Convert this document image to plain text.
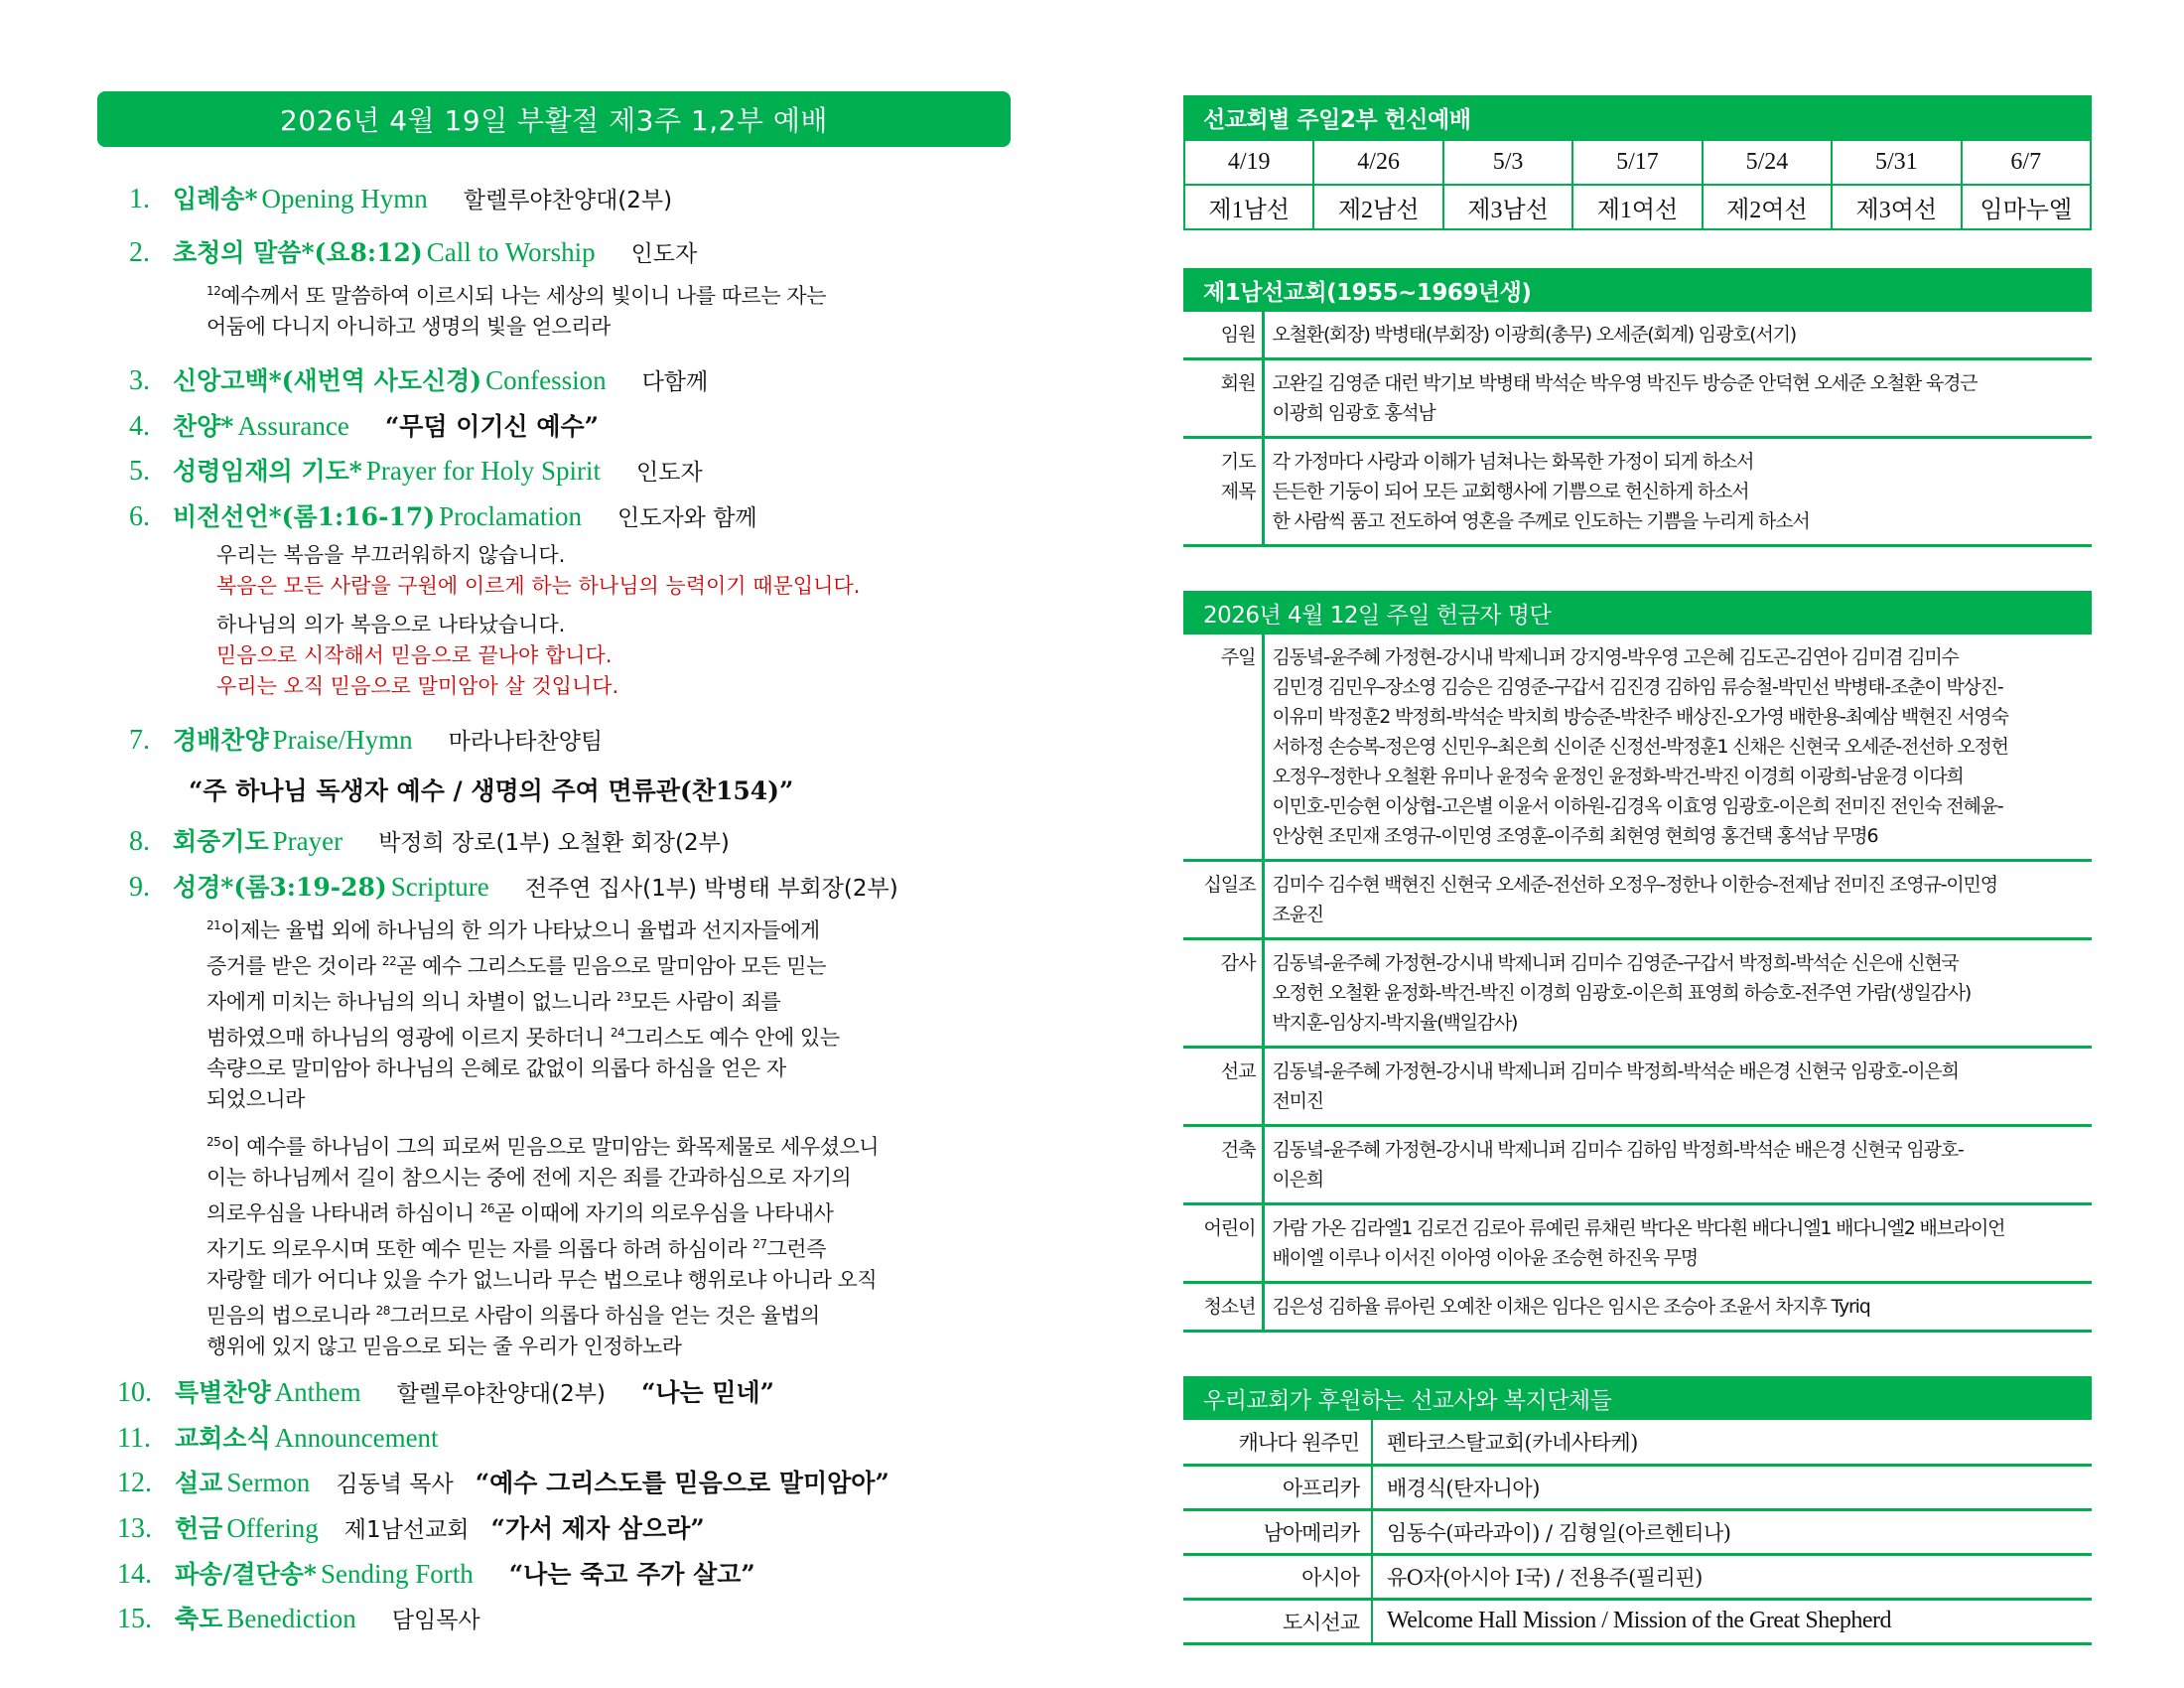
2026년 4월 19일 부활절 제3주 1,2부 예배
1. 입례송* Opening Hymn 할렐루야찬양대(2부)
2. 초청의 말씀*(요8:12) Call to Worship 인도자
$^{12}$예수께서 또 말씀하여 이르시되 나는 세상의 빛이니 나를 따르는 자는
어둠에 다니지 아니하고 생명의 빛을 얻으리라
3. 신앙고백*(새번역 사도신경) Confession 다함께
4. 찬양* Assurance “무덤 이기신 예수”
5. 성령임재의 기도* Prayer for Holy Spirit 인도자
6. 비전선언*(롬1:16-17) Proclamation 인도자와 함께
우리는 복음을 부끄러워하지 않습니다.
복음은 모든 사람을 구원에 이르게 하는 하나님의 능력이기 때문입니다.
하나님의 의가 복음으로 나타났습니다.
믿음으로 시작해서 믿음으로 끝나야 합니다.
우리는 오직 믿음으로 말미암아 살 것입니다.
7. 경배찬양 Praise/Hymn 마라나타찬양팀
“주 하나님 독생자 예수 / 생명의 주여 면류관(찬154)”
8. 회중기도 Prayer 박정희 장로(1부) 오철환 회장(2부)
9. 성경*(롬3:19-28) Scripture 전주연 집사(1부) 박병태 부회장(2부)
$^{21}$이제는 율법 외에 하나님의 한 의가 나타났으니 율법과 선지자들에게
증거를 받은 것이라 $^{22}$곧 예수 그리스도를 믿음으로 말미암아 모든 믿는
자에게 미치는 하나님의 의니 차별이 없느니라 $^{23}$모든 사람이 죄를
범하였으매 하나님의 영광에 이르지 못하더니 $^{24}$그리스도 예수 안에 있는
속량으로 말미암아 하나님의 은혜로 값없이 의롭다 하심을 얻은 자
되었으니라
$^{25}$이 예수를 하나님이 그의 피로써 믿음으로 말미암는 화목제물로 세우셨으니
이는 하나님께서 길이 참으시는 중에 전에 지은 죄를 간과하심으로 자기의
의로우심을 나타내려 하심이니 $^{26}$곧 이때에 자기의 의로우심을 나타내사
자기도 의로우시며 또한 예수 믿는 자를 의롭다 하려 하심이라 $^{27}$그런즉
자랑할 데가 어디냐 있을 수가 없느니라 무슨 법으로냐 행위로냐 아니라 오직
믿음의 법으로니라 $^{28}$그러므로 사람이 의롭다 하심을 얻는 것은 율법의
행위에 있지 않고 믿음으로 되는 줄 우리가 인정하노라
10. 특별찬양 Anthem 할렐루야찬양대(2부) “나는 믿네”
11. 교회소식 Announcement
12. 설교 Sermon 김동녘 목사 “예수 그리스도를 믿음으로 말미암아”
13. 헌금 Offering 제1남선교회 “가서 제자 삼으라”
14. 파송/결단송* Sending Forth “나는 죽고 주가 살고”
15. 축도 Benediction 담임목사
선교회별 주일2부 헌신예배
4/19	4/26	5/3	5/17	5/24	5/31	6/7
제1남선	제2남선	제3남선	제1여선	제2여선	제3여선	임마누엘
제1남선교회(1955~1969년생)
임원	오철환(회장) 박병태(부회장) 이광희(총무) 오세준(회계) 임광호(서기)

회원	고완길 김영준 대런 박기보 박병태 박석순 박우영 박진두 방승준 안덕현 오세준 오철환 육경근
이광희 임광호 홍석남

기도
제목

각 가정마다 사랑과 이해가 넘쳐나는 화목한 가정이 되게 하소서
든든한 기둥이 되어 모든 교회행사에 기쁨으로 헌신하게 하소서
한 사람씩 품고 전도하여 영혼을 주께로 인도하는 기쁨을 누리게 하소서
2026년 4월 12일 주일 헌금자 명단
주일	김동녘-윤주혜 가정현-강시내 박제니퍼 강지영-박우영 고은혜 김도곤-김연아 김미겸 김미수
김민경 김민우-장소영 김승은 김영준-구갑서 김진경 김하임 류승철-박민선 박병태-조춘이 박상진-
이유미 박정훈2 박정희-박석순 박치희 방승준-박찬주 배상진-오가영 배한용-최예삼 백현진 서영숙
서하정 손승복-정은영 신민우-최은희 신이준 신정선-박정훈1 신채은 신현국 오세준-전선하 오정헌
오정우-정한나 오철환 유미나 윤정숙 윤정인 윤정화-박건-박진 이경희 이광희-남윤경 이다희
이민호-민승현 이상협-고은별 이윤서 이하원-김경옥 이효영 임광호-이은희 전미진 전인숙 전혜윤-
안상현 조민재 조영규-이민영 조영훈-이주희 최현영 현희영 홍건택 홍석남 무명6

십일조	김미수 김수현 백현진 신현국 오세준-전선하 오정우-정한나 이한승-전제남 전미진 조영규-이민영
조윤진

감사	김동녘-윤주혜 가정현-강시내 박제니퍼 김미수 김영준-구갑서 박정희-박석순 신은애 신현국
오정헌 오철환 윤정화-박건-박진 이경희 임광호-이은희 표영희 하승호-전주연 가람(생일감사)
박지훈-임상지-박지율(백일감사)

선교	김동녘-윤주혜 가정현-강시내 박제니퍼 김미수 박정희-박석순 배은경 신현국 임광호-이은희
전미진

건축	김동녘-윤주혜 가정현-강시내 박제니퍼 김미수 김하임 박정희-박석순 배은경 신현국 임광호-
이은희

어린이	가람 가온 김라엘1 김로건 김로아 류예린 류채린 박다온 박다흰 배다니엘1 배다니엘2 배브라이언
배이엘 이루나 이서진 이아영 이아윤 조승현 하진욱 무명

청소년	김은성 김하율 류아린 오예찬 이채은 임다은 임시은 조승아 조윤서 차지후 Tyriq
우리교회가 후원하는 선교사와 복지단체들
캐나다 원주민	펜타코스탈교회(카네사타케)
아프리카	배경식(탄자니아)
남아메리카	임동수(파라과이) / 김형일(아르헨티나)
아시아	유O자(아시아 I국) / 전용주(필리핀)
도시선교	Welcome Hall Mission / Mission of the Great Shepherd
